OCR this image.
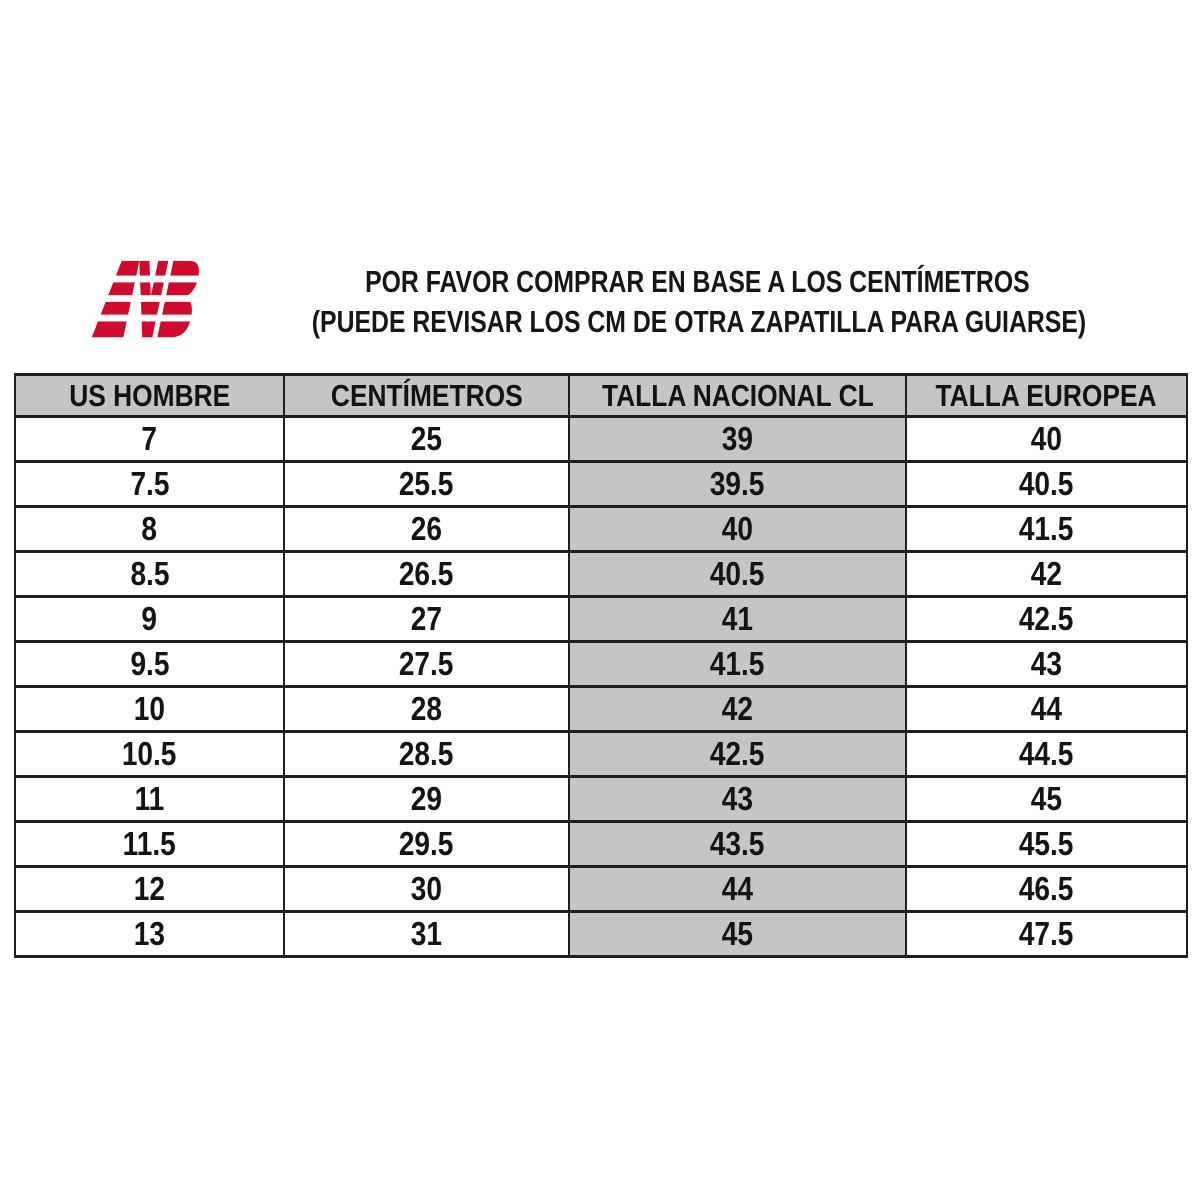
POR FAVOR COMPRAR EN BASE A LOS CENTÍMETROS
(PUEDE REVISAR LOS CM DE OTRA ZAPATILLA PARA GUIARSE)
US HOMBRE	CENTÍMETROS	TALLA NACIONAL CL	TALLA EUROPEA
7	25	39	40
7.5	25.5	39.5	40.5
8	26	40	41.5
8.5	26.5	40.5	42
9	27	41	42.5
9.5	27.5	41.5	43
10	28	42	44
10.5	28.5	42.5	44.5
11	29	43	45
11.5	29.5	43.5	45.5
12	30	44	46.5
13	31	45	47.5
